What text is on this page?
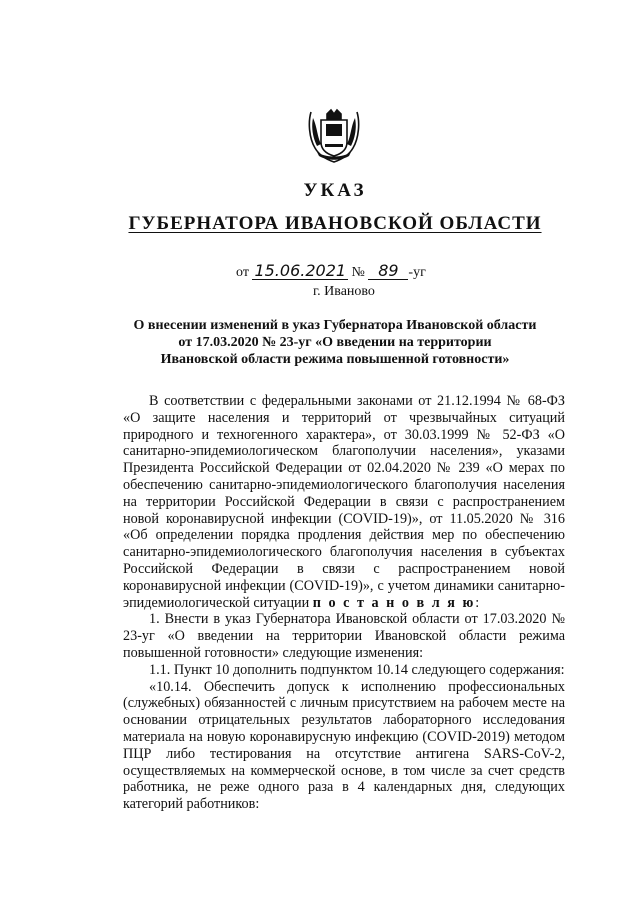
УКАЗ
ГУБЕРНАТОРА ИВАНОВСКОЙ ОБЛАСТИ
от 15.06.2021 № 89 -уг
г. Иваново
О внесении изменений в указ Губернатора Ивановской области
от 17.03.2020 № 23-уг «О введении на территории
Ивановской области режима повышенной готовности»

В соответствии с федеральными законами от 21.12.1994 № 68-ФЗ «О защите населения и территорий от чрезвычайных ситуаций природного и техногенного характера», от 30.03.1999 № 52-ФЗ «О санитарно-эпидемиологическом благополучии населения», указами Президента Российской Федерации от 02.04.2020 № 239 «О мерах по обеспечению санитарно-эпидемиологического благополучия населения на территории Российской Федерации в связи с распространением новой коронавирусной инфекции (COVID-19)», от 11.05.2020 № 316 «Об определении порядка продления действия мер по обеспечению санитарно-эпидемиологического благополучия населения в субъектах Российской Федерации в связи с распространением новой коронавирусной инфекции (COVID-19)», с учетом динамики санитарно-эпидемиологической ситуации п о с т а н о в л я ю:

1. Внести в указ Губернатора Ивановской области от 17.03.2020 № 23-уг «О введении на территории Ивановской области режима повышенной готовности» следующие изменения:

1.1. Пункт 10 дополнить подпунктом 10.14 следующего содержания:

«10.14. Обеспечить допуск к исполнению профессиональных (служебных) обязанностей с личным присутствием на рабочем месте на основании отрицательных результатов лабораторного исследования материала на новую коронавирусную инфекцию (COVID-2019) методом ПЦР либо тестирования на отсутствие антигена SARS-CoV-2, осуществляемых на коммерческой основе, в том числе за счет средств работника, не реже одного раза в 4 календарных дня, следующих категорий работников:
